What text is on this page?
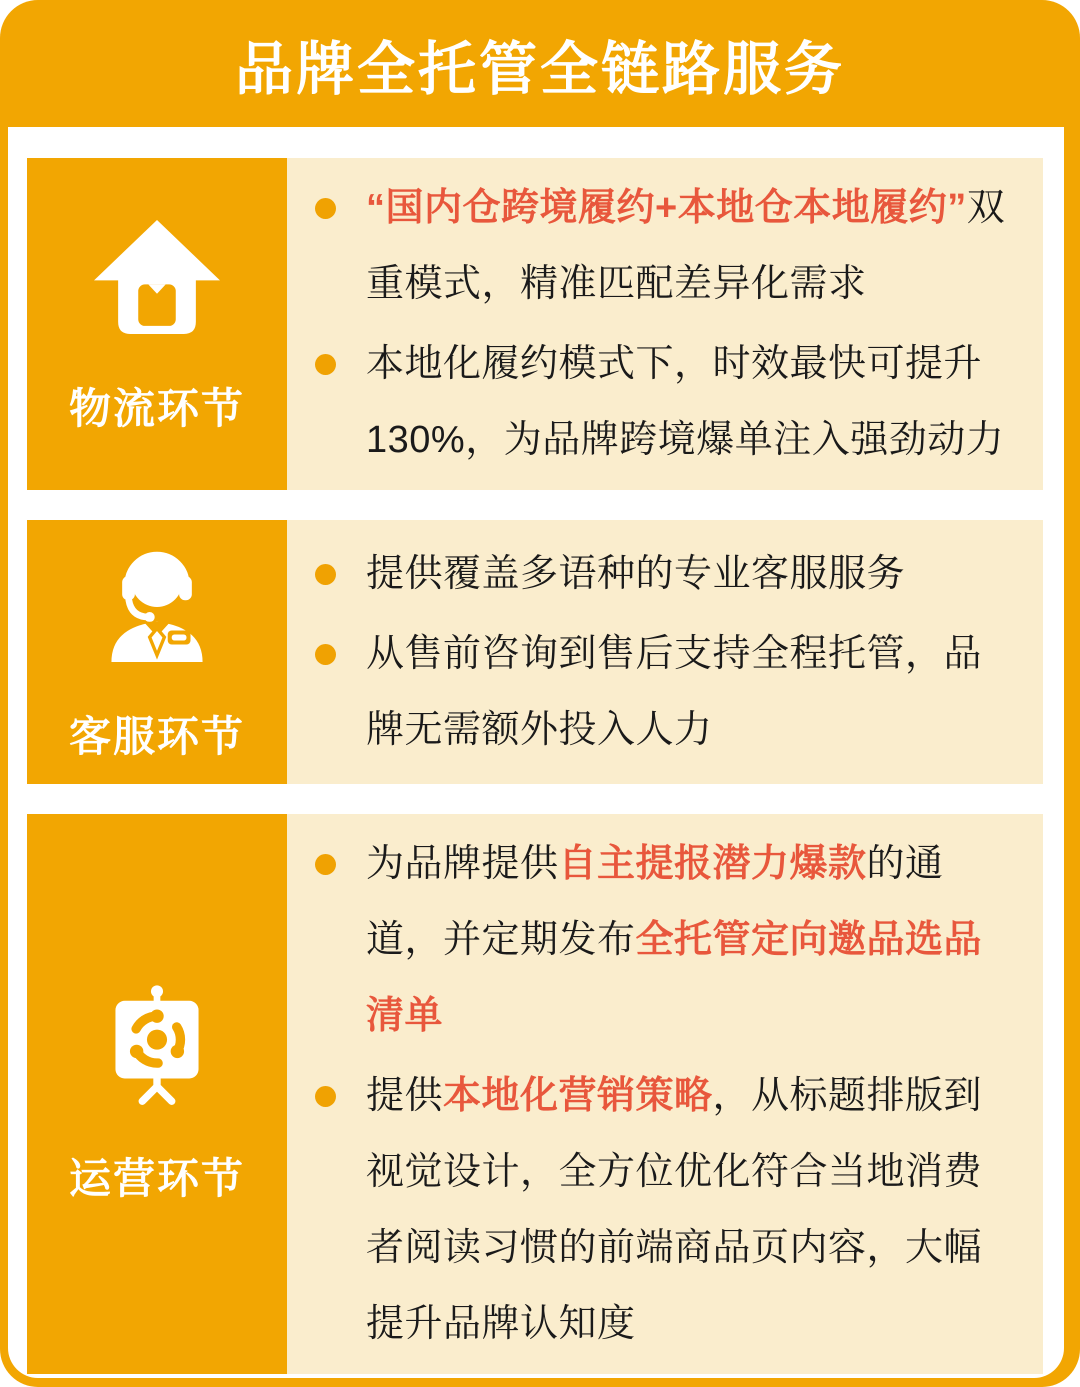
品牌全托管全链路服务
物流环节
“国内仓跨境履约+本地仓本地履约”双重模式，精准匹配差异化需求
本地化履约模式下，时效最快可提升130%，为品牌跨境爆单注入强劲动力
客服环节
提供覆盖多语种的专业客服服务
从售前咨询到售后支持全程托管，品牌无需额外投入人力
运营环节
为品牌提供自主提报潜力爆款的通道，并定期发布全托管定向邀品选品清单
提供本地化营销策略，从标题排版到视觉设计，全方位优化符合当地消费者阅读习惯的前端商品页内容，大幅提升品牌认知度
